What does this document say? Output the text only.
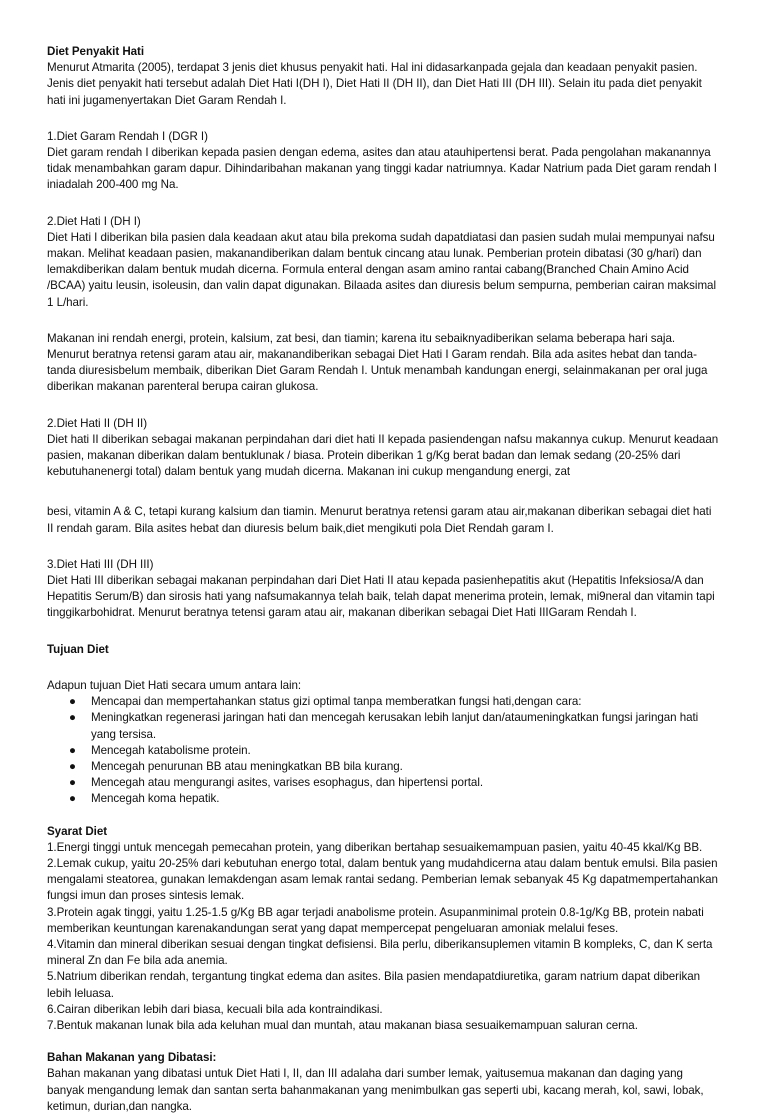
Diet Penyakit Hati

Menurut Atmarita (2005), terdapat 3 jenis diet khusus penyakit hati. Hal ini didasarkanpada gejala dan keadaan penyakit pasien. Jenis diet penyakit hati tersebut adalah Diet Hati I(DH I), Diet Hati II (DH II), dan Diet Hati III (DH III). Selain itu pada diet penyakit hati ini jugamenyertakan Diet Garam Rendah I.

1.Diet Garam Rendah I (DGR I)

Diet garam rendah I diberikan kepada pasien dengan edema, asites dan atau atauhipertensi berat. Pada pengolahan makanannya tidak menambahkan garam dapur. Dihindaribahan makanan yang tinggi kadar natriumnya. Kadar Natrium pada Diet garam rendah I iniadalah 200-400 mg Na.

2.Diet Hati I (DH I)

Diet Hati I diberikan bila pasien dala keadaan akut atau bila prekoma sudah dapatdiatasi dan pasien sudah mulai mempunyai nafsu makan. Melihat keadaan pasien, makanandiberikan dalam bentuk cincang atau lunak. Pemberian protein dibatasi (30 g/hari) dan lemakdiberikan dalam bentuk mudah dicerna. Formula enteral dengan asam amino rantai cabang(Branched Chain Amino Acid /BCAA) yaitu leusin, isoleusin, dan valin dapat digunakan. Bilaada asites dan diuresis belum sempurna, pemberian cairan maksimal 1 L/hari.

Makanan ini rendah energi, protein, kalsium, zat besi, dan tiamin; karena itu sebaiknyadiberikan selama beberapa hari saja. Menurut beratnya retensi garam atau air, makanandiberikan sebagai Diet Hati I Garam rendah. Bila ada asites hebat dan tanda-tanda diuresisbelum membaik, diberikan Diet Garam Rendah I. Untuk menambah kandungan energi, selainmakanan per oral juga diberikan makanan parenteral berupa cairan glukosa.

2.Diet Hati II (DH II)

Diet hati II diberikan sebagai makanan perpindahan dari diet hati II kepada pasiendengan nafsu makannya cukup. Menurut keadaan pasien, makanan diberikan dalam bentuklunak / biasa. Protein diberikan 1 g/Kg berat badan dan lemak sedang (20-25% dari kebutuhanenergi total) dalam bentuk yang mudah dicerna. Makanan ini cukup mengandung energi, zat

besi, vitamin A & C, tetapi kurang kalsium dan tiamin. Menurut beratnya retensi garam atau air,makanan diberikan sebagai diet hati II rendah garam. Bila asites hebat dan diuresis belum baik,diet mengikuti pola Diet Rendah garam I.

3.Diet Hati III (DH III)

Diet Hati III diberikan sebagai makanan perpindahan dari Diet Hati II atau kepada pasienhepatitis akut (Hepatitis Infeksiosa/A dan Hepatitis Serum/B) dan sirosis hati yang nafsumakannya telah baik, telah dapat menerima protein, lemak, mi9neral dan vitamin tapi tinggikarbohidrat. Menurut beratnya tetensi garam atau air, makanan diberikan sebagai Diet Hati IIIGaram Rendah I.

Tujuan Diet

Adapun tujuan Diet Hati secara umum antara lain:

● Mencapai dan mempertahankan status gizi optimal tanpa memberatkan fungsi hati,dengan cara:
● Meningkatkan regenerasi jaringan hati dan mencegah kerusakan lebih lanjut dan/ataumeningkatkan fungsi jaringan hati yang tersisa.
● Mencegah katabolisme protein.
● Mencegah penurunan BB atau meningkatkan BB bila kurang.
● Mencegah atau mengurangi asites, varises esophagus, dan hipertensi portal.
● Mencegah koma hepatik.

Syarat Diet

1.Energi tinggi untuk mencegah pemecahan protein, yang diberikan bertahap sesuaikemampuan pasien, yaitu 40-45 kkal/Kg BB.

2.Lemak cukup, yaitu 20-25% dari kebutuhan energo total, dalam bentuk yang mudahdicerna atau dalam bentuk emulsi. Bila pasien mengalami steatorea, gunakan lemakdengan asam lemak rantai sedang. Pemberian lemak sebanyak 45 Kg dapatmempertahankan fungsi imun dan proses sintesis lemak.

3.Protein agak tinggi, yaitu 1.25-1.5 g/Kg BB agar terjadi anabolisme protein. Asupanminimal protein 0.8-1g/Kg BB, protein nabati memberikan keuntungan karenakandungan serat yang dapat mempercepat pengeluaran amoniak melalui feses.

4.Vitamin dan mineral diberikan sesuai dengan tingkat defisiensi. Bila perlu, diberikansuplemen vitamin B kompleks, C, dan K serta mineral Zn dan Fe bila ada anemia.

5.Natrium diberikan rendah, tergantung tingkat edema dan asites. Bila pasien mendapatdiuretika, garam natrium dapat diberikan lebih leluasa.

6.Cairan diberikan lebih dari biasa, kecuali bila ada kontraindikasi.

7.Bentuk makanan lunak bila ada keluhan mual dan muntah, atau makanan biasa sesuaikemampuan saluran cerna.

Bahan Makanan yang Dibatasi:

Bahan makanan yang dibatasi untuk Diet Hati I, II, dan III adalaha dari sumber lemak, yaitusemua makanan dan daging yang banyak mengandung lemak dan santan serta bahanmakanan yang menimbulkan gas seperti ubi, kacang merah, kol, sawi, lobak, ketimun, durian,dan nangka.
